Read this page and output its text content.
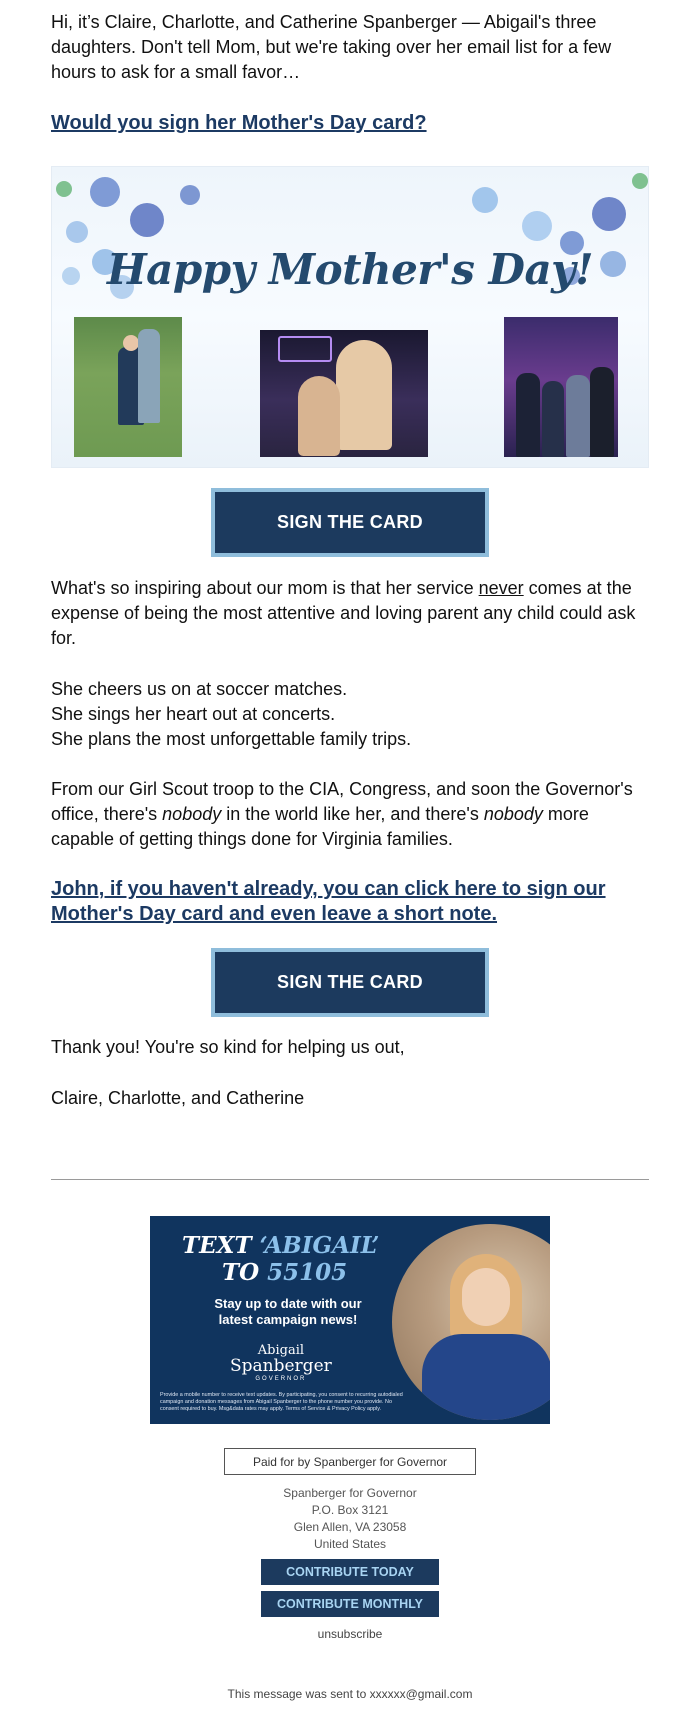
Hi, it’s Claire, Charlotte, and Catherine Spanberger — Abigail's three daughters. Don't tell Mom, but we're taking over her email list for a few hours to ask for a small favor…

Would you sign her Mother's Day card?
Happy Mother's Day!
SIGN THE CARD

What's so inspiring about our mom is that her service never comes at the expense of being the most attentive and loving parent any child could ask for.

She cheers us on at soccer matches.

She sings her heart out at concerts.

She plans the most unforgettable family trips.

From our Girl Scout troop to the CIA, Congress, and soon the Governor's office, there's nobody in the world like her, and there's nobody more capable of getting things done for Virginia families.

John, if you haven't already, you can click here to sign our Mother's Day card and even leave a short note.
SIGN THE CARD

Thank you! You're so kind for helping us out,

Claire, Charlotte, and Catherine

TEXT ‘ABIGAIL’
TO 55105
Stay up to date with our latest campaign news!
Abigail
Spanberger
GOVERNOR
Provide a mobile number to receive text updates. By participating, you consent to recurring autodialed campaign and donation messages from Abigail Spanberger to the phone number you provide. No consent required to buy. Msg&data rates may apply. Terms of Service & Privacy Policy apply.
Paid for by Spanberger for Governor
Spanberger for Governor
P.O. Box 3121
Glen Allen, VA 23058
United States
CONTRIBUTE TODAY
CONTRIBUTE MONTHLY
unsubscribe
This message was sent to xxxxxx@gmail.com
